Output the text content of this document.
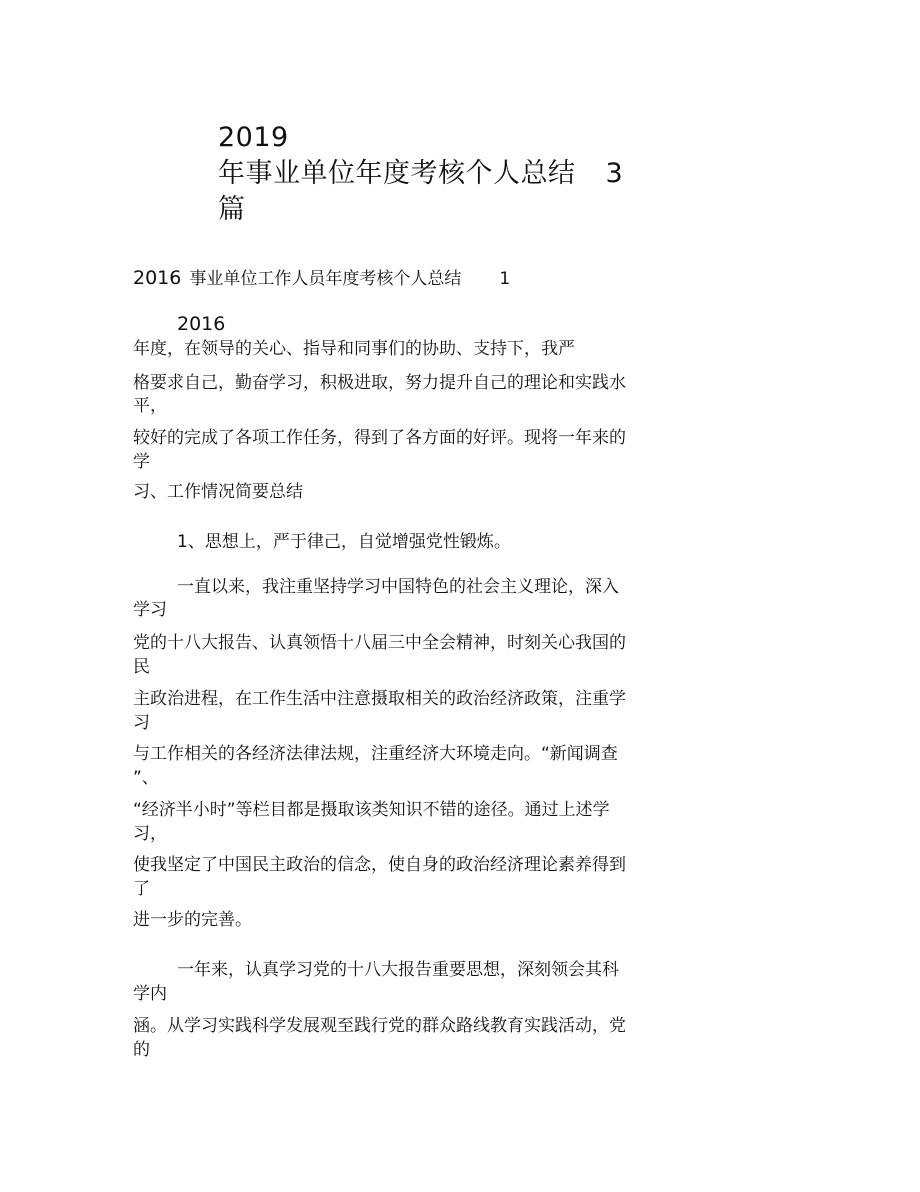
2019
年事业单位年度考核个人总结 3
篇
2016 事业单位工作人员年度考核个人总结 1
2016
年度，在领导的关心、指导和同事们的协助、支持下，我严
格要求自己，勤奋学习，积极进取，努力提升自己的理论和实践水
平，
较好的完成了各项工作任务，得到了各方面的好评。现将一年来的
学
习、工作情况简要总结
1、思想上，严于律己，自觉增强党性锻炼。
一直以来，我注重坚持学习中国特色的社会主义理论，深入
学习
党的十八大报告、认真领悟十八届三中全会精神，时刻关心我国的
民
主政治进程，在工作生活中注意摄取相关的政治经济政策，注重学
习
与工作相关的各经济法律法规，注重经济大环境走向。“新闻调查
”、
“经济半小时”等栏目都是摄取该类知识不错的途径。通过上述学
习，
使我坚定了中国民主政治的信念，使自身的政治经济理论素养得到
了
进一步的完善。
一年来，认真学习党的十八大报告重要思想，深刻领会其科
学内
涵。从学习实践科学发展观至践行党的群众路线教育实践活动，党
的
